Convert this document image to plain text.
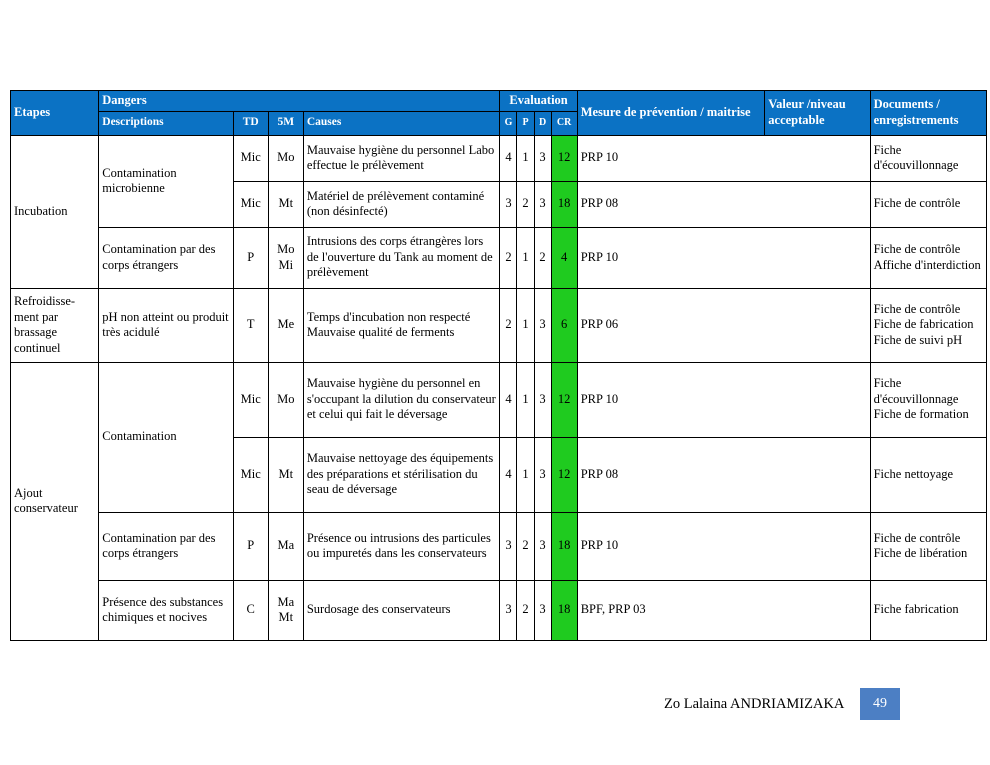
Etapes	Dangers				Evaluation				Mesure de prévention / maitrise	Valeur /niveau acceptable	Documents / enregistrements
	Descriptions	TD	5M	Causes	G	P	D	CR			
Incubation	Contamination microbienne	Mic	Mo	Mauvaise hygiène du personnel Labo effectue le prélèvement	4	1	3	12	PRP 10		Fiche d'écouvillonnage
		Mic	Mt	Matériel de prélèvement contaminé (non désinfecté)	3	2	3	18	PRP 08		Fiche de contrôle
	Contamination par des corps étrangers	P	Mo Mi	Intrusions des corps étrangères lors de l'ouverture du Tank au moment de prélèvement	2	1	2	4	PRP 10		Fiche de contrôle Affiche d'interdiction
Refroidisse-ment par brassage continuel	pH non atteint ou produit très acidulé	T	Me	Temps d'incubation non respecté Mauvaise qualité de ferments	2	1	3	6	PRP 06		Fiche de contrôle Fiche de fabrication Fiche de suivi pH
Ajout conservateur	Contamination	Mic	Mo	Mauvaise hygiène du personnel en s'occupant la dilution du conservateur et celui qui fait le déversage	4	1	3	12	PRP 10		Fiche d'écouvillonnage Fiche de formation
		Mic	Mt	Mauvaise nettoyage des équipements des préparations et stérilisation du seau de déversage	4	1	3	12	PRP 08		Fiche nettoyage
	Contamination par des corps étrangers	P	Ma	Présence ou intrusions des particules ou impuretés dans les conservateurs	3	2	3	18	PRP 10		Fiche de contrôle Fiche de libération
	Présence des substances chimiques et nocives	C	Ma Mt	Surdosage des conservateurs	3	2	3	18	BPF, PRP 03		Fiche fabrication
Zo Lalaina ANDRIAMIZAKA	49
